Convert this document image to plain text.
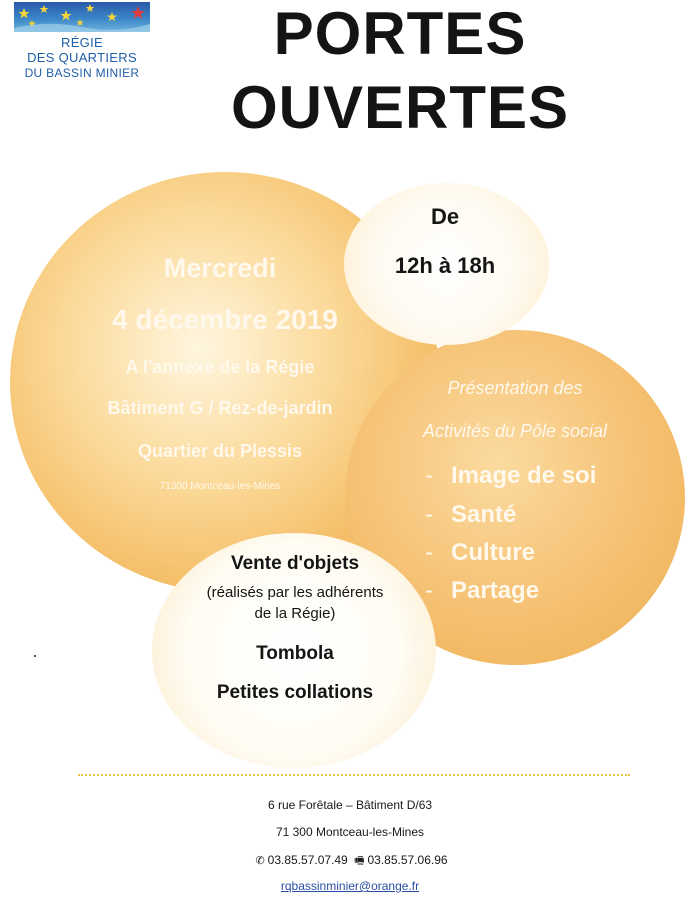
RÉGIE
DES QUARTIERS
DU BASSIN MINIER
PORTES
OUVERTES
Mercredi
4 décembre 2019
A l'annexe de la Régie
Bâtiment G / Rez-de-jardin
Quartier du Plessis
71300 Montceau-les-Mines
De
12h à 18h
Présentation des
Activités du Pôle social
- Image de soi
- Santé
- Culture
- Partage
Vente d'objets
(réalisés par les adhérents
de la Régie)
Tombola
Petites collations
6 rue Forêtale – Bâtiment D/63
71 300 Montceau-les-Mines
✆ 03.85.57.07.49 🖷 03.85.57.06.96
rqbassinminier@orange.fr
